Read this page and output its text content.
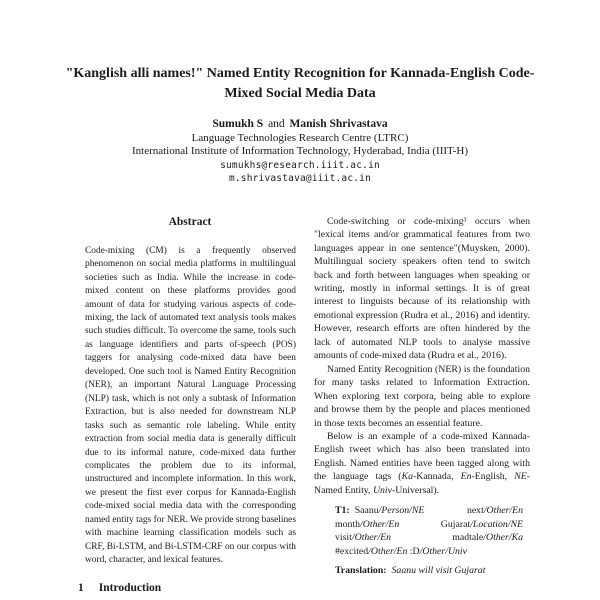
"Kanglish alli names!" Named Entity Recognition for Kannada-English Code-Mixed Social Media Data
Sumukh S and Manish Shrivastava
Language Technologies Research Centre (LTRC)
International Institute of Information Technology, Hyderabad, India (IIIT-H)
sumukhs@research.iiit.ac.in
m.shrivastava@iiit.ac.in
Abstract

Code-mixing (CM) is a frequently observed phenomenon on social media platforms in multilingual societies such as India. While the increase in code-mixed content on these platforms provides good amount of data for studying various aspects of code-mixing, the lack of automated text analysis tools makes such studies difficult. To overcome the same, tools such as language identifiers and parts of-speech (POS) taggers for analysing code-mixed data have been developed. One such tool is Named Entity Recognition (NER), an important Natural Language Processing (NLP) task, which is not only a subtask of Information Extraction, but is also needed for downstream NLP tasks such as semantic role labeling. While entity extraction from social media data is generally difficult due to its informal nature, code-mixed data further complicates the problem due to its informal, unstructured and incomplete information. In this work, we present the first ever corpus for Kannada-English code-mixed social media data with the corresponding named entity tags for NER. We provide strong baselines with machine learning classification models such as CRF, Bi-LSTM, and Bi-LSTM-CRF on our corpus with word, character, and lexical features.

1 Introduction

Code-switching or code-mixing³ occurs when "lexical items and/or grammatical features from two languages appear in one sentence"(Muysken, 2000). Multilingual society speakers often tend to switch back and forth between languages when speaking or writing, mostly in informal settings. It is of great interest to linguists because of its relationship with emotional expression (Rudra et al., 2016) and identity. However, research efforts are often hindered by the lack of automated NLP tools to analyse massive amounts of code-mixed data (Rudra et al., 2016).

Named Entity Recognition (NER) is the foundation for many tasks related to Information Extraction. When exploring text corpora, being able to explore and browse them by the people and places mentioned in those texts becomes an essential feature.

Below is an example of a code-mixed Kannada-English tweet which has also been translated into English. Named entities have been tagged along with the language tags (Ka-Kannada, En-English, NE-Named Entity, Univ-Universal).

T1: Saanu/Person/NE	next/Other/En month/Other/En	Gujarat/Location/NE visit/Other/En	madtale/Other/Ka #excited/Other/En :D/Other/Univ
Translation: Saanu will visit Gujarat
